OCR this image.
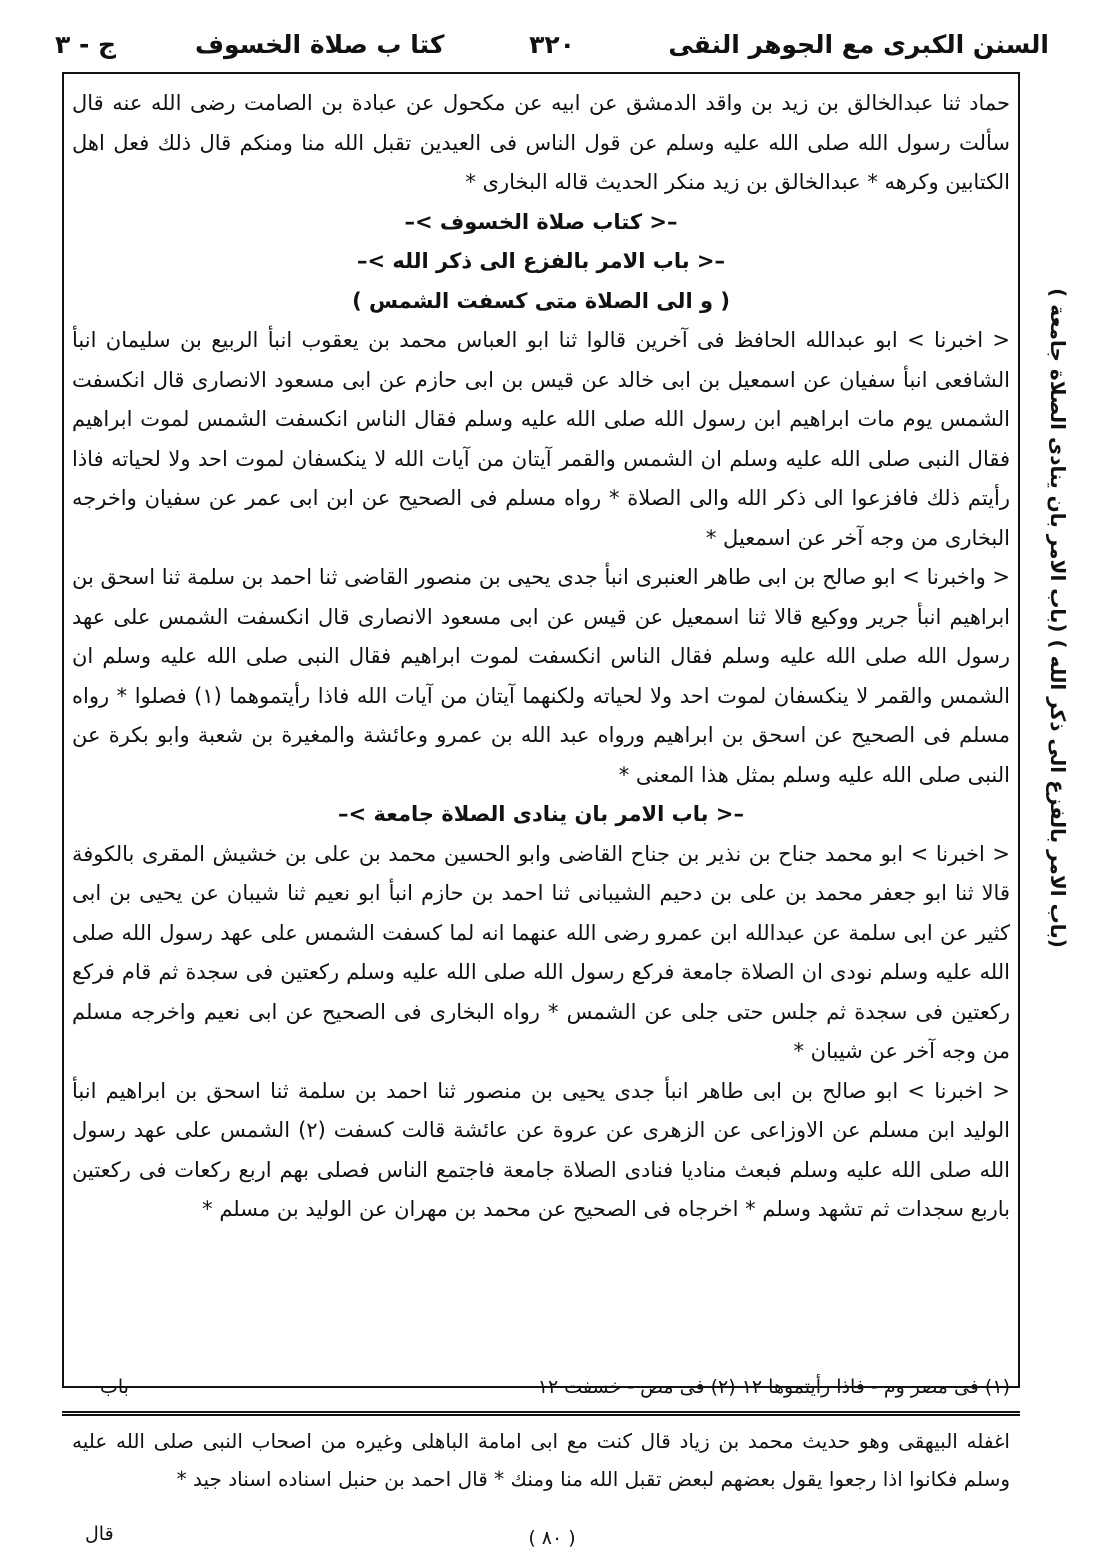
السنن الكبرى مع الجوهر النقى
٣٢٠
كتا ب صلاة الخسوف
ج - ٣

حماد ثنا عبدالخالق بن زيد بن واقد الدمشق عن ابيه عن مكحول عن عبادة بن الصامت رضى الله عنه قال سألت رسول الله صلى الله عليه وسلم عن قول الناس فى العيدين تقبل الله منا ومنكم قال ذلك فعل اهل الكتابين وكرهه * عبدالخالق بن زيد منكر الحديث قاله البخارى *

–< كتاب صلاة الخسوف >–

–< باب الامر بالفزع الى ذكر الله >–

( و الى الصلاة متى كسفت الشمس )

< اخبرنا > ابو عبدالله الحافظ فى آخرين قالوا ثنا ابو العباس محمد بن يعقوب انبأ الربيع بن سليمان انبأ الشافعى انبأ سفيان عن اسمعيل بن ابى خالد عن قيس بن ابى حازم عن ابى مسعود الانصارى قال انكسفت الشمس يوم مات ابراهيم ابن رسول الله صلى الله عليه وسلم فقال الناس انكسفت الشمس لموت ابراهيم فقال النبى صلى الله عليه وسلم ان الشمس والقمر آيتان من آيات الله لا ينكسفان لموت احد ولا لحياته فاذا رأيتم ذلك فافزعوا الى ذكر الله والى الصلاة * رواه مسلم فى الصحيح عن ابن ابى عمر عن سفيان واخرجه البخارى من وجه آخر عن اسمعيل *

< واخبرنا > ابو صالح بن ابى طاهر العنبرى انبأ جدى يحيى بن منصور القاضى ثنا احمد بن سلمة ثنا اسحق بن ابراهيم انبأ جرير ووكيع قالا ثنا اسمعيل عن قيس عن ابى مسعود الانصارى قال انكسفت الشمس على عهد رسول الله صلى الله عليه وسلم فقال الناس انكسفت لموت ابراهيم فقال النبى صلى الله عليه وسلم ان الشمس والقمر لا ينكسفان لموت احد ولا لحياته ولكنهما آيتان من آيات الله فاذا رأيتموهما (١) فصلوا * رواه مسلم فى الصحيح عن اسحق بن ابراهيم ورواه عبد الله بن عمرو وعائشة والمغيرة بن شعبة وابو بكرة عن النبى صلى الله عليه وسلم بمثل هذا المعنى *

–< باب الامر بان ينادى الصلاة جامعة >–

< اخبرنا > ابو محمد جناح بن نذير بن جناح القاضى وابو الحسين محمد بن على بن خشيش المقرى بالكوفة قالا ثنا ابو جعفر محمد بن على بن دحيم الشيبانى ثنا احمد بن حازم انبأ ابو نعيم ثنا شيبان عن يحيى بن ابى كثير عن ابى سلمة عن عبدالله ابن عمرو رضى الله عنهما انه لما كسفت الشمس على عهد رسول الله صلى الله عليه وسلم نودى ان الصلاة جامعة فركع رسول الله صلى الله عليه وسلم ركعتين فى سجدة ثم قام فركع ركعتين فى سجدة ثم جلس حتى جلى عن الشمس * رواه البخارى فى الصحيح عن ابى نعيم واخرجه مسلم من وجه آخر عن شيبان *

< اخبرنا > ابو صالح بن ابى طاهر انبأ جدى يحيى بن منصور ثنا احمد بن سلمة ثنا اسحق بن ابراهيم انبأ الوليد ابن مسلم عن الاوزاعى عن الزهرى عن عروة عن عائشة قالت كسفت (٢) الشمس على عهد رسول الله صلى الله عليه وسلم فبعث مناديا فنادى الصلاة جامعة فاجتمع الناس فصلى بهم اربع ركعات فى ركعتين باربع سجدات ثم تشهد وسلم * اخرجاه فى الصحيح عن محمد بن مهران عن الوليد بن مسلم *

(باب الامر بالفزع الى ذكر الله ) (باب الامر بان ينادى الصلاة جامعة )
(١) فى مصر وم - فاذا رأيتموها ١٢ (٢) فى مص - خسفت ١٢
باب

اغفله البيهقى وهو حديث محمد بن زياد قال كنت مع ابى امامة الباهلى وغيره من اصحاب النبى صلى الله عليه وسلم فكانوا اذا رجعوا يقول بعضهم لبعض تقبل الله منا ومنك * قال احمد بن حنبل اسناده اسناد جيد *

( ٨٠ )
قال
